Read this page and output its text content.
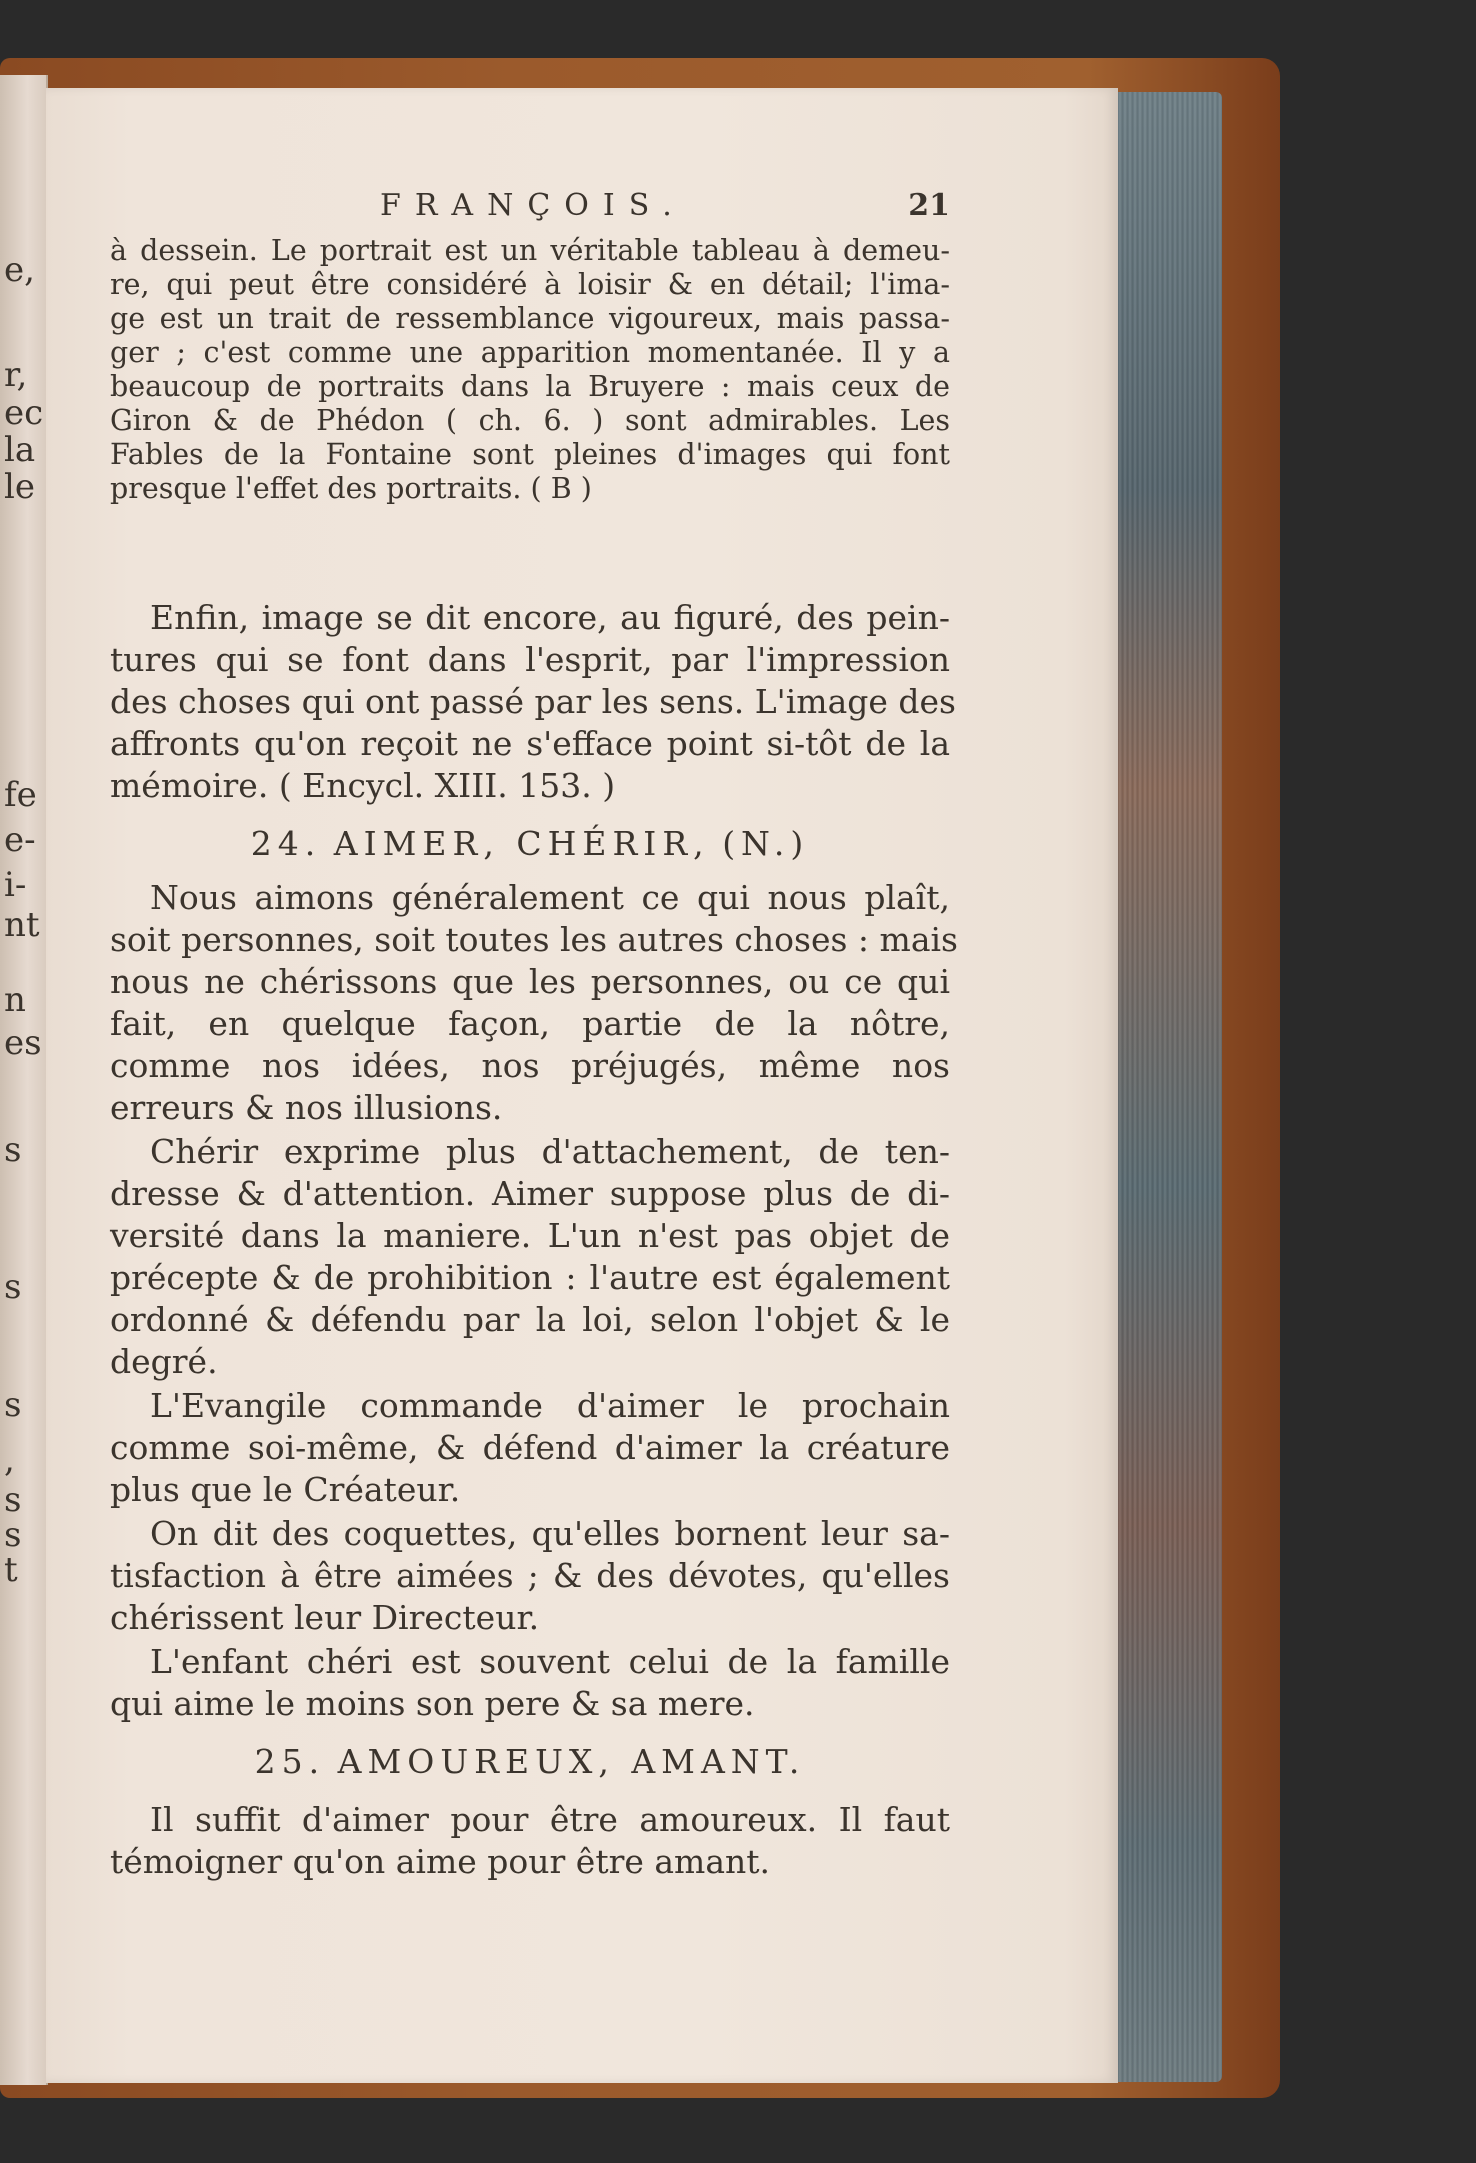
e,
r,
ec
la
le
fe
e-
i-
nt
n
es
s
s
s
,
s
s
t
FRANÇOIS.	21
à dessein. Le portrait est un véritable tableau à demeu-
re, qui peut être considéré à loisir & en détail; l'ima-
ge est un trait de ressemblance vigoureux, mais passa-
ger ; c'est comme une apparition momentanée. Il y a
beaucoup de portraits dans la Bruyere : mais ceux de
Giron & de Phédon ( ch. 6. ) sont admirables. Les
Fables de la Fontaine sont pleines d'images qui font
presque l'effet des portraits. ( B )
Enfin, image se dit encore, au figuré, des pein-
tures qui se font dans l'esprit, par l'impression
des choses qui ont passé par les sens. L'image des
affronts qu'on reçoit ne s'efface point si-tôt de la
mémoire. ( Encycl. XIII. 153. )
24. AIMER, CHÉRIR, (N.)
Nous aimons généralement ce qui nous plaît,
soit personnes, soit toutes les autres choses : mais
nous ne chérissons que les personnes, ou ce qui
fait, en quelque façon, partie de la nôtre,
comme nos idées, nos préjugés, même nos
erreurs & nos illusions.
Chérir exprime plus d'attachement, de ten-
dresse & d'attention. Aimer suppose plus de di-
versité dans la maniere. L'un n'est pas objet de
précepte & de prohibition : l'autre est également
ordonné & défendu par la loi, selon l'objet & le
degré.
L'Evangile commande d'aimer le prochain
comme soi-même, & défend d'aimer la créature
plus que le Créateur.
On dit des coquettes, qu'elles bornent leur sa-
tisfaction à être aimées ; & des dévotes, qu'elles
chérissent leur Directeur.
L'enfant chéri est souvent celui de la famille
qui aime le moins son pere & sa mere.
25. AMOUREUX, AMANT.
Il suffit d'aimer pour être amoureux. Il faut
témoigner qu'on aime pour être amant.
